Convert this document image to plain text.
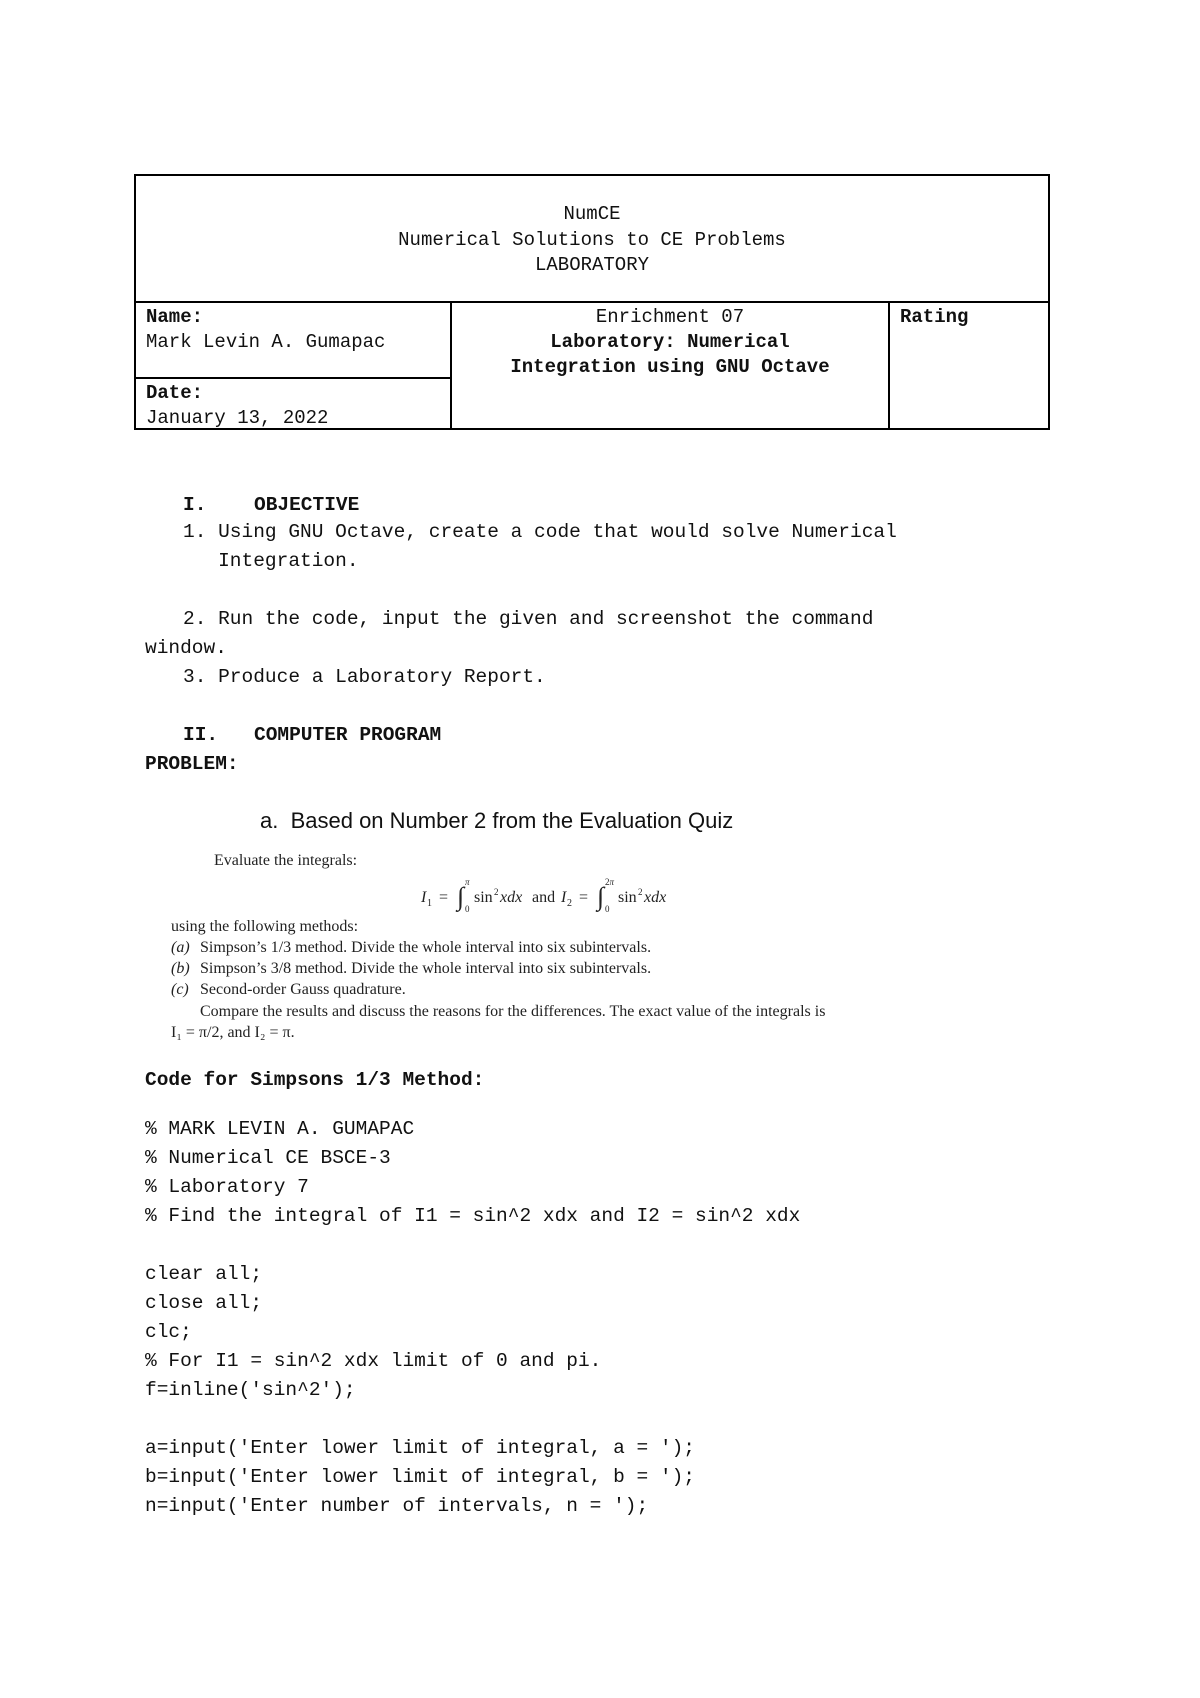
NumCE
Numerical Solutions to CE Problems
LABORATORY
Name:
Mark Levin A. Gumapac
Date:
January 13, 2022
Enrichment 07
Laboratory: Numerical
Integration using GNU Octave
Rating
I. OBJECTIVE
1. Using GNU Octave, create a code that would solve Numerical
Integration.
2. Run the code, input the given and screenshot the command
window.
3. Produce a Laboratory Report.
II. COMPUTER PROGRAM
PROBLEM:
a.  Based on Number 2 from the Evaluation Quiz
Evaluate the integrals:
I 1 = ∫ π
0
sin 2 xdx and I 2 = ∫ 2π
0
sin 2 xdx
using the following methods:
(a) Simpson’s 1/3 method. Divide the whole interval into six subintervals.
(b) Simpson’s 3/8 method. Divide the whole interval into six subintervals.
(c) Second-order Gauss quadrature.
Compare the results and discuss the reasons for the differences. The exact value of the integrals is
I₁ = π/2, and I₂ = π.
Code for Simpsons 1/3 Method:
% MARK LEVIN A. GUMAPAC
% Numerical CE BSCE-3
% Laboratory 7
% Find the integral of I1 = sin^2 xdx and I2 = sin^2 xdx
clear all;
close all;
clc;
% For I1 = sin^2 xdx limit of 0 and pi.
f=inline('sin^2');
a=input('Enter lower limit of integral, a = ');
b=input('Enter lower limit of integral, b = ');
n=input('Enter number of intervals, n = ');
